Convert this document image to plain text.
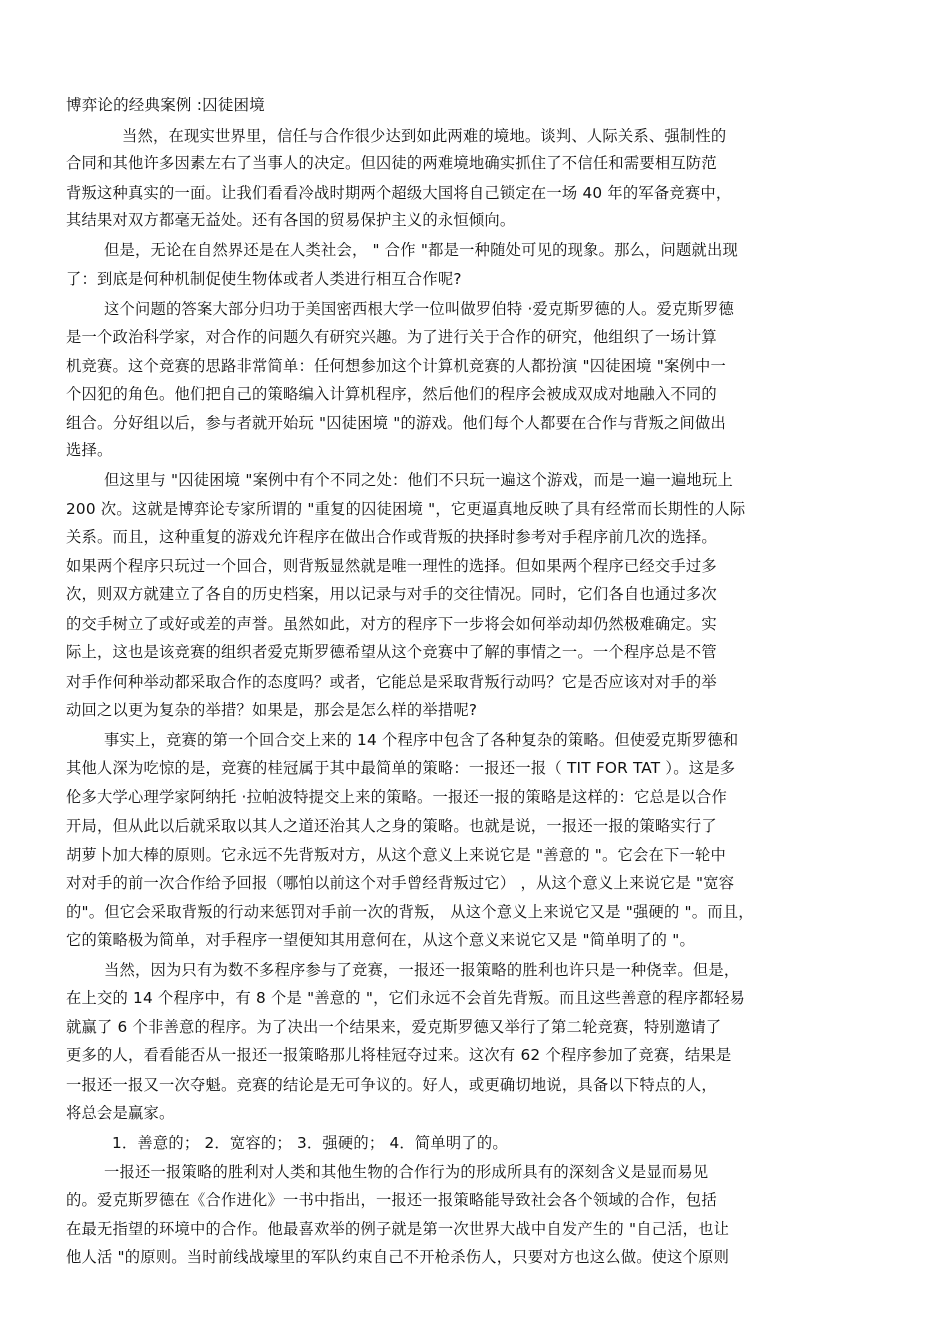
博弈论的经典案例 :囚徒困境
当然，在现实世界里，信任与合作很少达到如此两难的境地。谈判、人际关系、强制性的
合同和其他许多因素左右了当事人的决定。但囚徒的两难境地确实抓住了不信任和需要相互防范
背叛这种真实的一面。让我们看看冷战时期两个超级大国将自己锁定在一场 40 年的军备竞赛中，
其结果对双方都毫无益处。还有各国的贸易保护主义的永恒倾向。
但是，无论在自然界还是在人类社会， " 合作 "都是一种随处可见的现象。那么，问题就出现
了：到底是何种机制促使生物体或者人类进行相互合作呢?
这个问题的答案大部分归功于美国密西根大学一位叫做罗伯特 ·爱克斯罗德的人。爱克斯罗德
是一个政治科学家，对合作的问题久有研究兴趣。为了进行关于合作的研究，他组织了一场计算
机竞赛。这个竞赛的思路非常简单：任何想参加这个计算机竞赛的人都扮演 "囚徒困境 "案例中一
个囚犯的角色。他们把自己的策略编入计算机程序，然后他们的程序会被成双成对地融入不同的
组合。分好组以后，参与者就开始玩 "囚徒困境 "的游戏。他们每个人都要在合作与背叛之间做出
选择。
但这里与 "囚徒困境 "案例中有个不同之处：他们不只玩一遍这个游戏，而是一遍一遍地玩上
200 次。这就是博弈论专家所谓的 "重复的囚徒困境 "，它更逼真地反映了具有经常而长期性的人际
关系。而且，这种重复的游戏允许程序在做出合作或背叛的抉择时参考对手程序前几次的选择。
如果两个程序只玩过一个回合，则背叛显然就是唯一理性的选择。但如果两个程序已经交手过多
次，则双方就建立了各自的历史档案，用以记录与对手的交往情况。同时，它们各自也通过多次
的交手树立了或好或差的声誉。虽然如此，对方的程序下一步将会如何举动却仍然极难确定。实
际上，这也是该竞赛的组织者爱克斯罗德希望从这个竞赛中了解的事情之一。一个程序总是不管
对手作何种举动都采取合作的态度吗？或者，它能总是采取背叛行动吗？它是否应该对对手的举
动回之以更为复杂的举措？如果是，那会是怎么样的举措呢?
事实上，竞赛的第一个回合交上来的 14 个程序中包含了各种复杂的策略。但使爱克斯罗德和
其他人深为吃惊的是，竞赛的桂冠属于其中最简单的策略：一报还一报（ TIT FOR TAT ）。这是多
伦多大学心理学家阿纳托 ·拉帕波特提交上来的策略。一报还一报的策略是这样的：它总是以合作
开局，但从此以后就采取以其人之道还治其人之身的策略。也就是说，一报还一报的策略实行了
胡萝卜加大棒的原则。它永远不先背叛对方，从这个意义上来说它是 "善意的 "。它会在下一轮中
对对手的前一次合作给予回报（哪怕以前这个对手曾经背叛过它） ，从这个意义上来说它是 "宽容
的"。但它会采取背叛的行动来惩罚对手前一次的背叛， 从这个意义上来说它又是 "强硬的 "。而且，
它的策略极为简单，对手程序一望便知其用意何在，从这个意义来说它又是 "简单明了的 "。
当然，因为只有为数不多程序参与了竞赛，一报还一报策略的胜利也许只是一种侥幸。但是，
在上交的 14 个程序中，有 8 个是 "善意的 "，它们永远不会首先背叛。而且这些善意的程序都轻易
就赢了 6 个非善意的程序。为了决出一个结果来，爱克斯罗德又举行了第二轮竞赛，特别邀请了
更多的人，看看能否从一报还一报策略那儿将桂冠夺过来。这次有 62 个程序参加了竞赛，结果是
一报还一报又一次夺魁。竞赛的结论是无可争议的。好人，或更确切地说，具备以下特点的人，
将总会是赢家。
1．善意的； 2．宽容的； 3．强硬的； 4．简单明了的。
一报还一报策略的胜利对人类和其他生物的合作行为的形成所具有的深刻含义是显而易见
的。爱克斯罗德在《合作进化》一书中指出，一报还一报策略能导致社会各个领域的合作，包括
在最无指望的环境中的合作。他最喜欢举的例子就是第一次世界大战中自发产生的 "自己活，也让
他人活 "的原则。当时前线战壕里的军队约束自己不开枪杀伤人，只要对方也这么做。使这个原则
